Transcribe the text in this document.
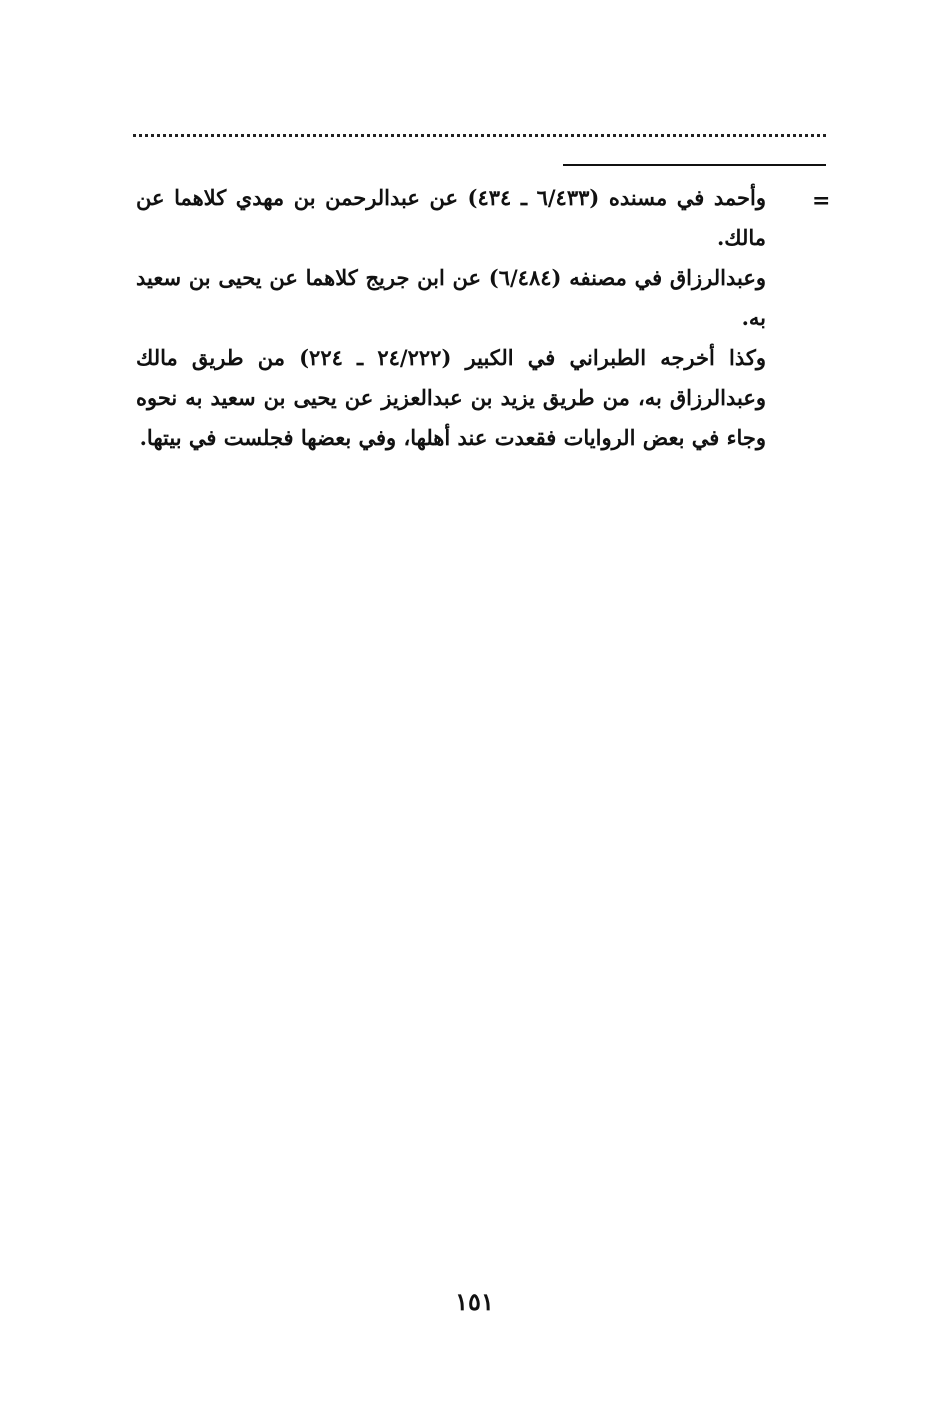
=

وأحمد في مسنده (٦/٤٣٣ ـ ٤٣٤) عن عبدالرحمن بن مهدي كلاهما عن مالك.

وعبدالرزاق في مصنفه (٦/٤٨٤) عن ابن جريج كلاهما عن يحيى بن سعيد به.

وكذا أخرجه الطبراني في الكبير (٢٤/٢٢٢ ـ ٢٢٤) من طريق مالك وعبدالرزاق به، من طريق يزيد بن عبدالعزيز عن يحيى بن سعيد به نحوه وجاء في بعض الروايات فقعدت عند أهلها، وفي بعضها فجلست في بيتها.

١٥١
